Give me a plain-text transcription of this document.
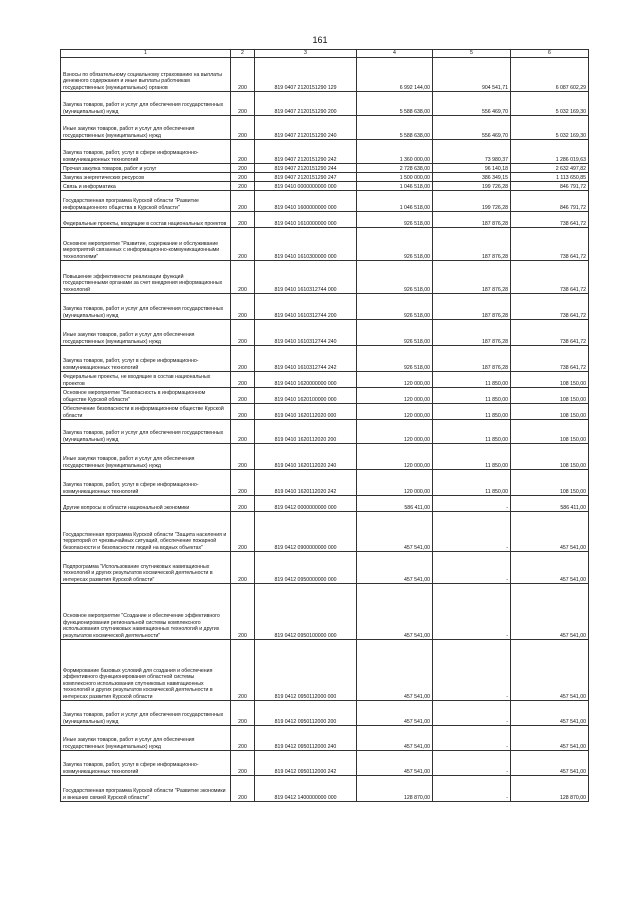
161
1	2	3	4	5	6
Взносы по обязательному социальному страхованию на выплаты денежного содержания и иные выплаты работникам государственных (муниципальных) органов	200	819 0407 2120151290 129	6 992 144,00	904 541,71	6 087 602,29
Закупка товаров, работ и услуг для обеспечения государственных (муниципальных) нужд	200	819 0407 2120151290 200	5 588 638,00	556 469,70	5 032 169,30
Иные закупки товаров, работ и услуг для обеспечения государственных (муниципальных) нужд	200	819 0407 2120151290 240	5 588 638,00	556 469,70	5 032 169,30
Закупка товаров, работ, услуг в сфере информационно-коммуникационных технологий	200	819 0407 2120151290 242	1 360 000,00	73 980,37	1 286 019,63
Прочая закупка товаров, работ и услуг	200	819 0407 2120151290 244	2 728 638,00	96 140,18	2 632 497,82
Закупка энергетических ресурсов	200	819 0407 2120151290 247	1 500 000,00	386 349,15	1 113 650,85
Связь и информатика	200	819 0410 0000000000 000	1 046 518,00	199 726,28	846 791,72
Государственная программа Курской области "Развитие информационного общества в Курской области"	200	819 0410 1600000000 000	1 046 518,00	199 726,28	846 791,72
Федеральные проекты, входящие в состав национальных проектов	200	819 0410 1610000000 000	926 518,00	187 876,28	738 641,72
Основное мероприятие "Развитие, содержание и обслуживание мероприятий связанных с информационно-коммуникационными технологиями"	200	819 0410 1610300000 000	926 518,00	187 876,28	738 641,72
Повышение эффективности реализации функций государственными органами за счет внедрения информационных технологий	200	819 0410 1610312744 000	926 518,00	187 876,28	738 641,72
Закупка товаров, работ и услуг для обеспечения государственных (муниципальных) нужд	200	819 0410 1610312744 200	926 518,00	187 876,28	738 641,72
Иные закупки товаров, работ и услуг для обеспечения государственных (муниципальных) нужд	200	819 0410 1610312744 240	926 518,00	187 876,28	738 641,72
Закупка товаров, работ, услуг в сфере информационно-коммуникационных технологий	200	819 0410 1610312744 242	926 518,00	187 876,28	738 641,72
Федеральные проекты, не входящие в состав национальных проектов	200	819 0410 1620000000 000	120 000,00	11 850,00	108 150,00
Основное мероприятие "Безопасность в информационном обществе Курской области"	200	819 0410 1620100000 000	120 000,00	11 850,00	108 150,00
Обеспечение безопасности в информационном обществе Курской области	200	819 0410 1620112020 000	120 000,00	11 850,00	108 150,00
Закупка товаров, работ и услуг для обеспечения государственных (муниципальных) нужд	200	819 0410 1620112020 200	120 000,00	11 850,00	108 150,00
Иные закупки товаров, работ и услуг для обеспечения государственных (муниципальных) нужд	200	819 0410 1620112020 240	120 000,00	11 850,00	108 150,00
Закупка товаров, работ, услуг в сфере информационно-коммуникационных технологий	200	819 0410 1620112020 242	120 000,00	11 850,00	108 150,00
Другие вопросы в области национальной экономики	200	819 0412 0000000000 000	586 411,00	-	586 411,00
Государственная программа Курской области "Защита населения и территорий от чрезвычайных ситуаций, обеспечение пожарной безопасности и безопасности людей на водных объектах"	200	819 0412 0900000000 000	457 541,00	-	457 541,00
Подпрограмма "Использование спутниковых навигационных технологий и других результатов космической деятельности в интересах развития Курской области"	200	819 0412 0950000000 000	457 541,00	-	457 541,00
Основное мероприятие "Создание и обеспечение эффективного функционирования региональной системы комплексного использования спутниковых навигационных технологий и других результатов космической деятельности"	200	819 0412 0950100000 000	457 541,00	-	457 541,00
Формирование базовых условий для создания и обеспечения эффективного функционирования областной системы комплексного использования спутниковых навигационных технологий и других результатов космической деятельности в интересах развития Курской области	200	819 0412 0950112000 000	457 541,00	-	457 541,00
Закупка товаров, работ и услуг для обеспечения государственных (муниципальных) нужд	200	819 0412 0950112000 200	457 541,00	-	457 541,00
Иные закупки товаров, работ и услуг для обеспечения государственных (муниципальных) нужд	200	819 0412 0950112000 240	457 541,00	-	457 541,00
Закупка товаров, работ, услуг в сфере информационно-коммуникационных технологий	200	819 0412 0950112000 242	457 541,00	-	457 541,00
Государственная программа Курской области "Развитие экономики и внешних связей Курской области"	200	819 0412 1400000000 000	128 870,00	-	128 870,00
